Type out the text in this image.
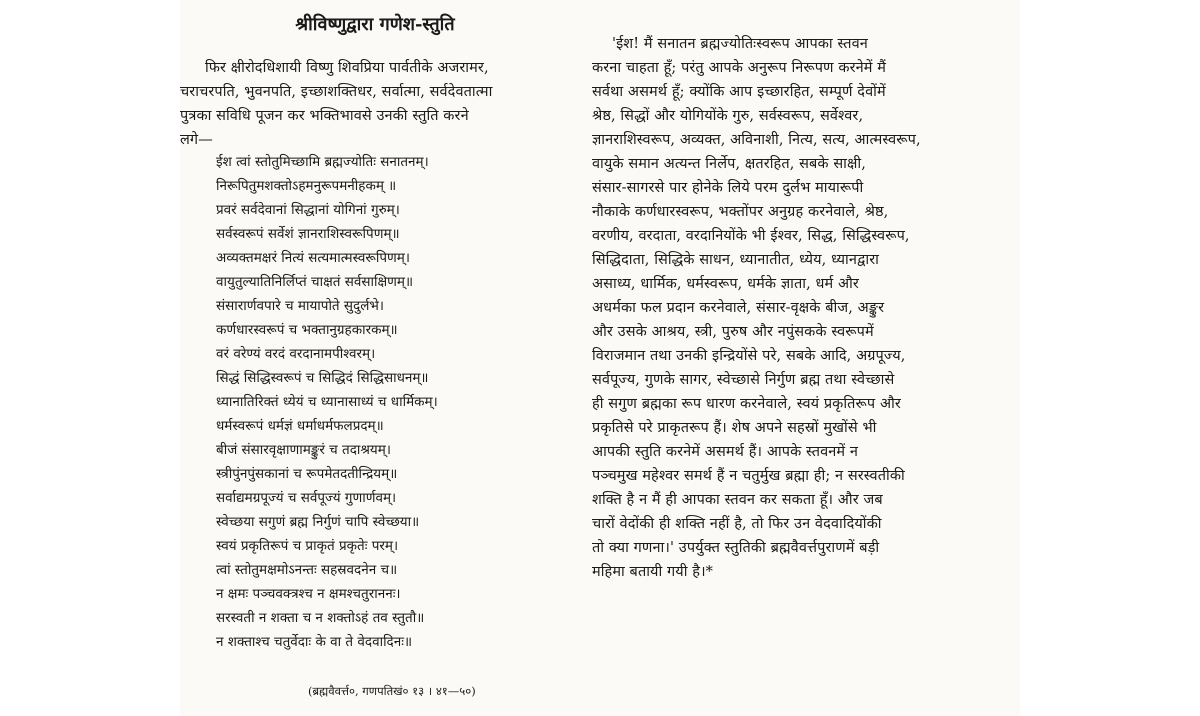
श्रीविष्णुद्वारा गणेश-स्तुति
फिर क्षीरोदधिशायी विष्णु शिवप्रिया पार्वतीके अजरामर,
चराचरपति, भुवनपति, इच्छाशक्तिधर, सर्वात्मा, सर्वदेवतात्मा
पुत्रका सविधि पूजन कर भक्तिभावसे उनकी स्तुति करने
लगे—
ईश त्वां स्तोतुमिच्छामि ब्रह्मज्योतिः सनातनम्।
निरूपितुमशक्तोऽहमनुरूपमनीहकम् ॥
प्रवरं सर्वदेवानां सिद्धानां योगिनां गुरुम्।
सर्वस्वरूपं सर्वेशं ज्ञानराशिस्वरूपिणम्॥
अव्यक्तमक्षरं नित्यं सत्यमात्मस्वरूपिणम्।
वायुतुल्यातिनिर्लिप्तं चाक्षतं सर्वसाक्षिणम्॥
संसारार्णवपारे च मायापोते सुदुर्लभे।
कर्णधारस्वरूपं च भक्तानुग्रहकारकम्॥
वरं वरेण्यं वरदं वरदानामपीश्वरम्।
सिद्धं सिद्धिस्वरूपं च सिद्धिदं सिद्धिसाधनम्॥
ध्यानातिरिक्तं ध्येयं च ध्यानासाध्यं च धार्मिकम्।
धर्मस्वरूपं धर्मज्ञं धर्माधर्मफलप्रदम्॥
बीजं संसारवृक्षाणामङ्कुरं च तदाश्रयम्।
स्त्रीपुंनपुंसकानां च रूपमेतदतीन्द्रियम्॥
सर्वाद्यमग्रपूज्यं च सर्वपूज्यं गुणार्णवम्।
स्वेच्छया सगुणं ब्रह्म निर्गुणं चापि स्वेच्छया॥
स्वयं प्रकृतिरूपं च प्राकृतं प्रकृतेः परम्।
त्वां स्तोतुमक्षमोऽनन्तः सहस्रवदनेन च॥
न क्षमः पञ्चवक्त्रश्च न क्षमश्चतुराननः।
सरस्वती न शक्ता च न शक्तोऽहं तव स्तुतौ॥
न शक्ताश्च चतुर्वेदाः के वा ते वेदवादिनः॥
(ब्रह्मवैवर्त्त०, गणपतिखं० १३ । ४१—५०)
'ईश! मैं सनातन ब्रह्मज्योतिःस्वरूप आपका स्तवन
करना चाहता हूँ; परंतु आपके अनुरूप निरूपण करनेमें मैं
सर्वथा असमर्थ हूँ; क्योंकि आप इच्छारहित, सम्पूर्ण देवोंमें
श्रेष्ठ, सिद्धों और योगियोंके गुरु, सर्वस्वरूप, सर्वेश्वर,
ज्ञानराशिस्वरूप, अव्यक्त, अविनाशी, नित्य, सत्य, आत्मस्वरूप,
वायुके समान अत्यन्त निर्लेप, क्षतरहित, सबके साक्षी,
संसार-सागरसे पार होनेके लिये परम दुर्लभ मायारूपी
नौकाके कर्णधारस्वरूप, भक्तोंपर अनुग्रह करनेवाले, श्रेष्ठ,
वरणीय, वरदाता, वरदानियोंके भी ईश्वर, सिद्ध, सिद्धिस्वरूप,
सिद्धिदाता, सिद्धिके साधन, ध्यानातीत, ध्येय, ध्यानद्वारा
असाध्य, धार्मिक, धर्मस्वरूप, धर्मके ज्ञाता, धर्म और
अधर्मका फल प्रदान करनेवाले, संसार-वृक्षके बीज, अङ्कुर
और उसके आश्रय, स्त्री, पुरुष और नपुंसकके स्वरूपमें
विराजमान तथा उनकी इन्द्रियोंसे परे, सबके आदि, अग्रपूज्य,
सर्वपूज्य, गुणके सागर, स्वेच्छासे निर्गुण ब्रह्म तथा स्वेच्छासे
ही सगुण ब्रह्मका रूप धारण करनेवाले, स्वयं प्रकृतिरूप और
प्रकृतिसे परे प्राकृतरूप हैं। शेष अपने सहस्रों मुखोंसे भी
आपकी स्तुति करनेमें असमर्थ हैं। आपके स्तवनमें न
पञ्चमुख महेश्वर समर्थ हैं न चतुर्मुख ब्रह्मा ही; न सरस्वतीकी
शक्ति है न मैं ही आपका स्तवन कर सकता हूँ। और जब
चारों वेदोंकी ही शक्ति नहीं है, तो फिर उन वेदवादियोंकी
तो क्या गणना।' उपर्युक्त स्तुतिकी ब्रह्मवैवर्त्तपुराणमें बड़ी
महिमा बतायी गयी है।*
